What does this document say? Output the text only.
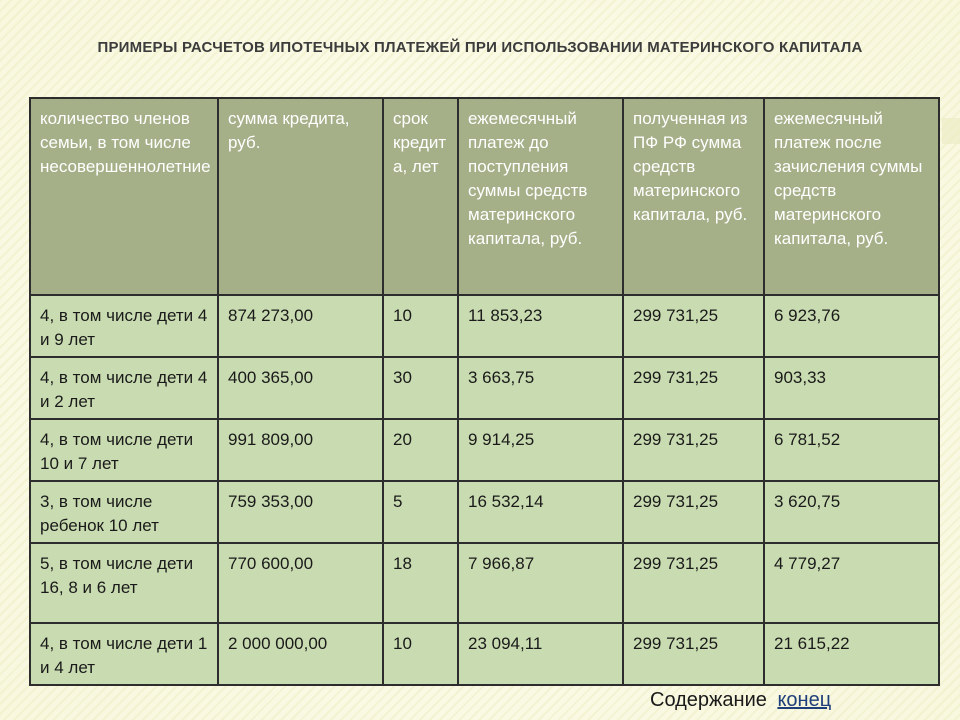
ПРИМЕРЫ РАСЧЕТОВ ИПОТЕЧНЫХ ПЛАТЕЖЕЙ ПРИ ИСПОЛЬЗОВАНИИ МАТЕРИНСКОГО КАПИТАЛА
количество членов семьи, в том числе несовершеннолетние	сумма кредита, руб.	срок кредита, лет	ежемесячный платеж до поступления суммы средств материнского капитала, руб.	полученная из ПФ РФ сумма средств материнского капитала, руб.	ежемесячный платеж после зачисления суммы средств материнского капитала, руб.
4, в том числе дети 4 и 9 лет	874 273,00	10	11 853,23	299 731,25	6 923,76
4, в том числе дети 4 и 2 лет	400 365,00	30	3 663,75	299 731,25	903,33
4, в том числе дети 10 и 7 лет	991 809,00	20	9 914,25	299 731,25	6 781,52
3, в том числе ребенок 10 лет	759 353,00	5	16 532,14	299 731,25	3 620,75
5, в том числе дети 16, 8 и 6 лет	770 600,00	18	7 966,87	299 731,25	4 779,27
4, в том числе дети 1 и 4 лет	2 000 000,00	10	23 094,11	299 731,25	21 615,22
Содержание конец
